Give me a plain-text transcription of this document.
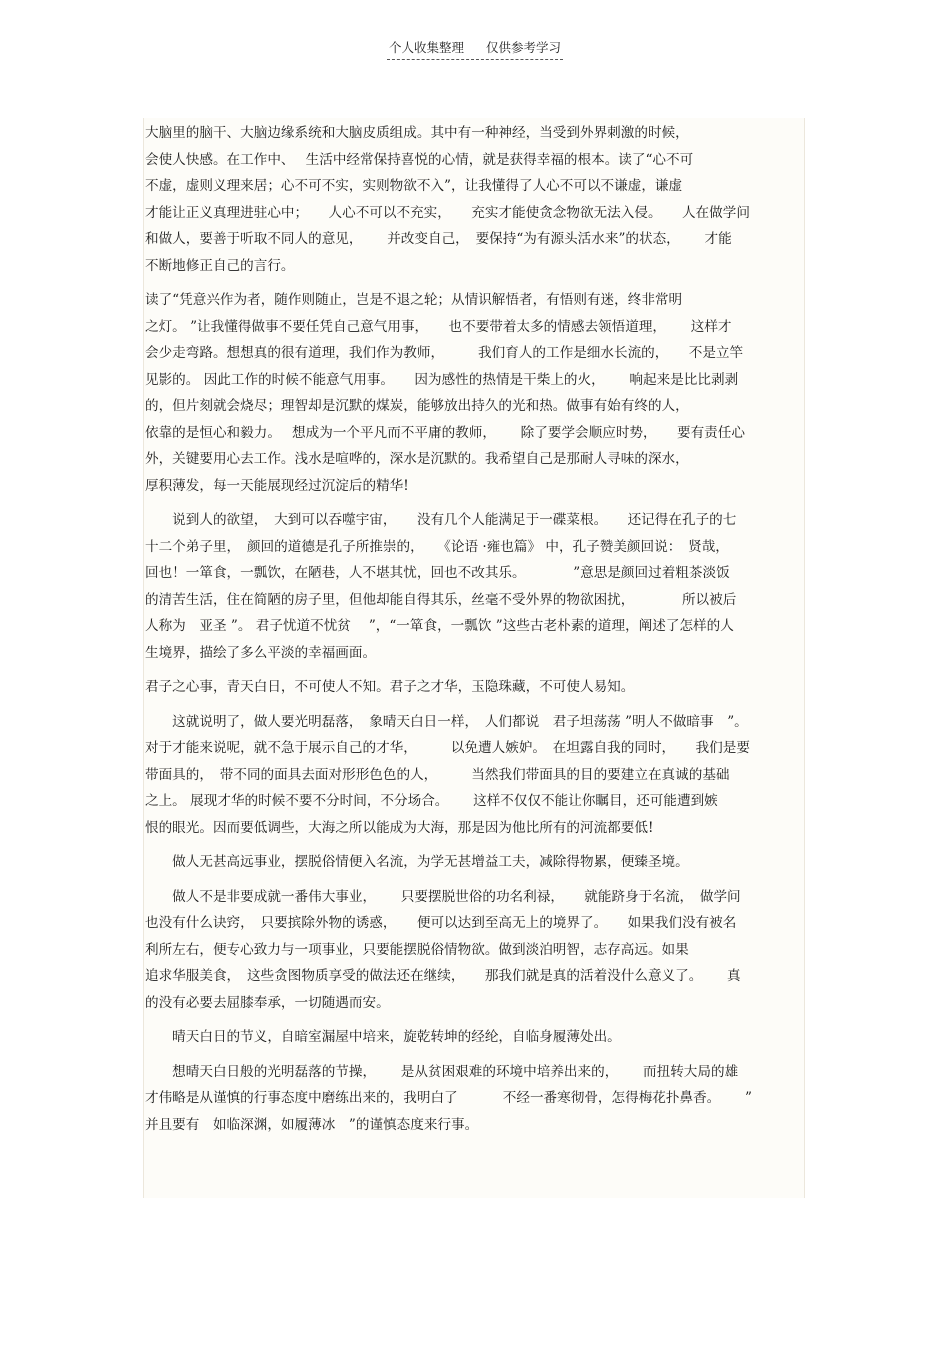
个人收集整理 仅供参考学习

大脑里的脑干、大脑边缘系统和大脑皮质组成。其中有一种神经，当受到外界刺激的时候，
会使人快感。在工作中、　 生活中经常保持喜悦的心情，就是获得幸福的根本。读了“心不可
不虚，虚则义理来居；心不可不实，实则物欲不入”，让我懂得了人心不可以不谦虚，谦虚
才能让正义真理进驻心中；　　人心不可以不充实，　　充实才能使贪念物欲无法入侵。　　人在做学问
和做人，要善于听取不同人的意见，　　 并改变自己，　要保持“为有源头活水来”的状态，　　 才能
不断地修正自己的言行。

读了“凭意兴作为者，随作则随止，岂是不退之轮；从情识解悟者，有悟则有迷，终非常明
之灯。 ”让我懂得做事不要任凭自己意气用事，　　也不要带着太多的情感去领悟道理，　　 这样才
会少走弯路。想想真的很有道理，我们作为教师，　　　我们育人的工作是细水长流的，　　不是立竿
见影的。 因此工作的时候不能意气用事。　　因为感性的热情是干柴上的火，　　 响起来是比比剥剥
的，但片刻就会烧尽；理智却是沉默的煤炭，能够放出持久的光和热。做事有始有终的人，
依靠的是恒心和毅力。　 想成为一个平凡而不平庸的教师，　　 除了要学会顺应时势，　　要有责任心
外，关键要用心去工作。浅水是喧哗的，深水是沉默的。我希望自己是那耐人寻味的深水，
厚积薄发，每一天能展现经过沉淀后的精华!

　　说到人的欲望，　大到可以吞噬宇宙，　　没有几个人能满足于一碟菜根。　　还记得在孔子的七
十二个弟子里，　颜回的道德是孔子所推崇的，　　《论语 ·雍也篇》 中，孔子赞美颜回说：　贤哉，
回也！一箪食，一瓢饮，在陋巷，人不堪其忧，回也不改其乐。　　　　”意思是颜回过着粗茶淡饭
的清苦生活，住在简陋的房子里，但他却能自得其乐，丝毫不受外界的物欲困扰，　　　　所以被后
人称为　亚圣 ”。 君子忧道不忧贫　 ”，“一箪食，一瓢饮 ”这些古老朴素的道理，阐述了怎样的人
生境界，描绘了多么平淡的幸福画面。

君子之心事，青天白日，不可使人不知。君子之才华，玉隐珠藏，不可使人易知。

　　这就说明了，做人要光明磊落，　象晴天白日一样，　人们都说　君子坦荡荡 ”明人不做暗事　”。
对于才能来说呢，就不急于展示自己的才华，　　　以免遭人嫉妒。　在坦露自我的同时，　　我们是要
带面具的，　带不同的面具去面对形形色色的人，　　　当然我们带面具的目的要建立在真诚的基础
之上。 展现才华的时候不要不分时间，不分场合。　　 这样不仅仅不能让你瞩目，还可能遭到嫉
恨的眼光。因而要低调些，大海之所以能成为大海，那是因为他比所有的河流都要低!

　　做人无甚高远事业，摆脱俗情便入名流，为学无甚增益工夫，减除得物累，便臻圣境。

　　做人不是非要成就一番伟大事业，　　 只要摆脱世俗的功名利禄，　　就能跻身于名流，　做学问
也没有什么诀窍，　只要摈除外物的诱惑，　　便可以达到至高无上的境界了。　　如果我们没有被名
利所左右，便专心致力与一项事业，只要能摆脱俗情物欲。做到淡泊明智，志存高远。如果
追求华服美食，　这些贪图物质享受的做法还在继续，　　那我们就是真的活着没什么意义了。　　 真
的没有必要去屈膝奉承，一切随遇而安。

　　晴天白日的节义，自暗室漏屋中培来，旋乾转坤的经纶，自临身履薄处出。

　　想晴天白日般的光明磊落的节操，　　 是从贫困艰难的环境中培养出来的，　　 而扭转大局的雄
才伟略是从谨慎的行事态度中磨练出来的，我明白了　　　 不经一番寒彻骨，怎得梅花扑鼻香。　　 ”
并且要有　如临深渊，如履薄冰　”的谨慎态度来行事。
